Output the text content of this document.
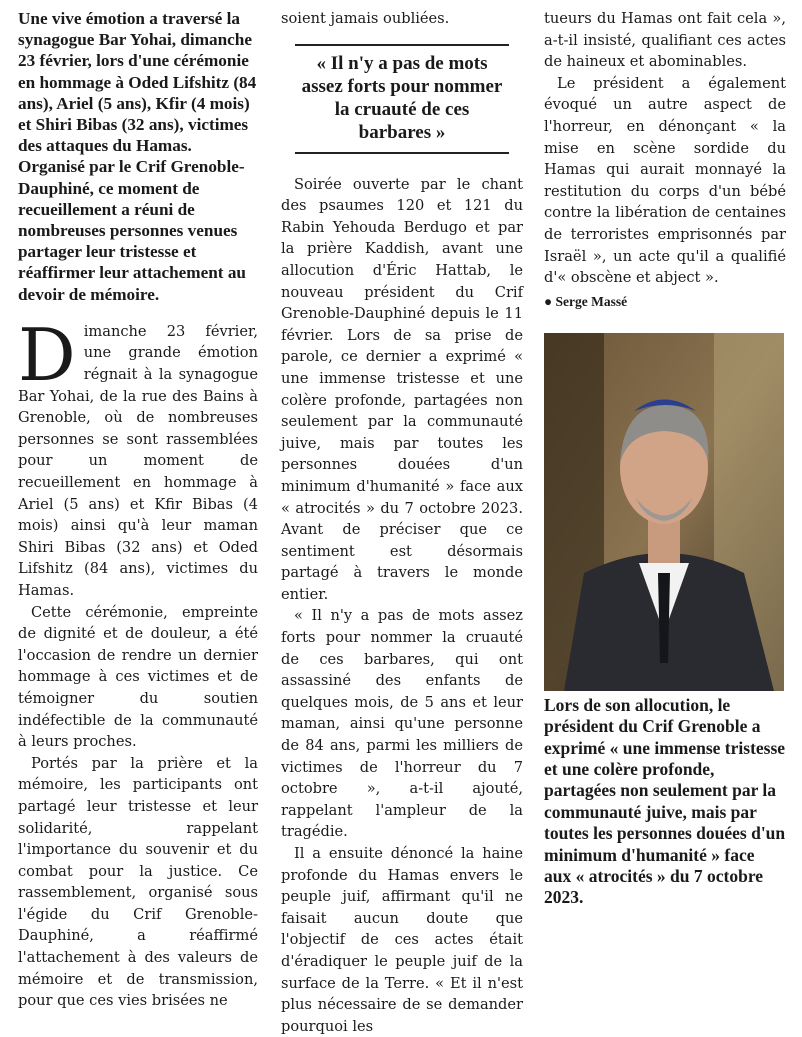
Une vive émotion a traversé la synagogue Bar Yohai, dimanche 23 février, lors d'une cérémonie en hommage à Oded Lifshitz (84 ans), Ariel (5 ans), Kfir (4 mois) et Shiri Bibas (32 ans), victimes des attaques du Hamas. Organisé par le Crif Grenoble-Dauphiné, ce moment de recueillement a réuni de nombreuses personnes venues partager leur tristesse et réaffirmer leur attachement au devoir de mémoire.

Dimanche 23 février, une grande émotion régnait à la synagogue Bar Yohai, de la rue des Bains à Grenoble, où de nombreuses personnes se sont rassemblées pour un moment de recueillement en hommage à Ariel (5 ans) et Kfir Bibas (4 mois) ainsi qu'à leur maman Shiri Bibas (32 ans) et Oded Lifshitz (84 ans), victimes du Hamas.

Cette cérémonie, empreinte de dignité et de douleur, a été l'occasion de rendre un dernier hommage à ces victimes et de témoigner du soutien indéfectible de la communauté à leurs proches.

Portés par la prière et la mémoire, les participants ont partagé leur tristesse et leur solidarité, rappelant l'importance du souvenir et du combat pour la justice. Ce rassemblement, organisé sous l'égide du Crif Grenoble-Dauphiné, a réaffirmé l'attachement à des valeurs de mémoire et de transmission, pour que ces vies brisées ne

soient jamais oubliées.

« Il n'y a pas de mots assez forts pour nommer la cruauté de ces barbares »

Soirée ouverte par le chant des psaumes 120 et 121 du Rabin Yehouda Berdugo et par la prière Kaddish, avant une allocution d'Éric Hattab, le nouveau président du Crif Grenoble-Dauphiné depuis le 11 février. Lors de sa prise de parole, ce dernier a exprimé « une immense tristesse et une colère profonde, partagées non seulement par la communauté juive, mais par toutes les personnes douées d'un minimum d'humanité » face aux « atrocités » du 7 octobre 2023. Avant de préciser que ce sentiment est désormais partagé à travers le monde entier.

« Il n'y a pas de mots assez forts pour nommer la cruauté de ces barbares, qui ont assassiné des enfants de quelques mois, de 5 ans et leur maman, ainsi qu'une personne de 84 ans, parmi les milliers de victimes de l'horreur du 7 octobre », a-t-il ajouté, rappelant l'ampleur de la tragédie.

Il a ensuite dénoncé la haine profonde du Hamas envers le peuple juif, affirmant qu'il ne faisait aucun doute que l'objectif de ces actes était d'éradiquer le peuple juif de la surface de la Terre. « Et il n'est plus nécessaire de se demander pourquoi les

tueurs du Hamas ont fait cela », a-t-il insisté, qualifiant ces actes de haineux et abominables.

Le président a également évoqué un autre aspect de l'horreur, en dénonçant « la mise en scène sordide du Hamas qui aurait monnayé la restitution du corps d'un bébé contre la libération de centaines de terroristes emprisonnés par Israël », un acte qu'il a qualifié d'« obscène et abject ».

● Serge Massé

Lors de son allocution, le président du Crif Grenoble a exprimé « une immense tristesse et une colère profonde, partagées non seulement par la communauté juive, mais par toutes les personnes douées d'un minimum d'humanité » face aux « atrocités » du 7 octobre 2023.
